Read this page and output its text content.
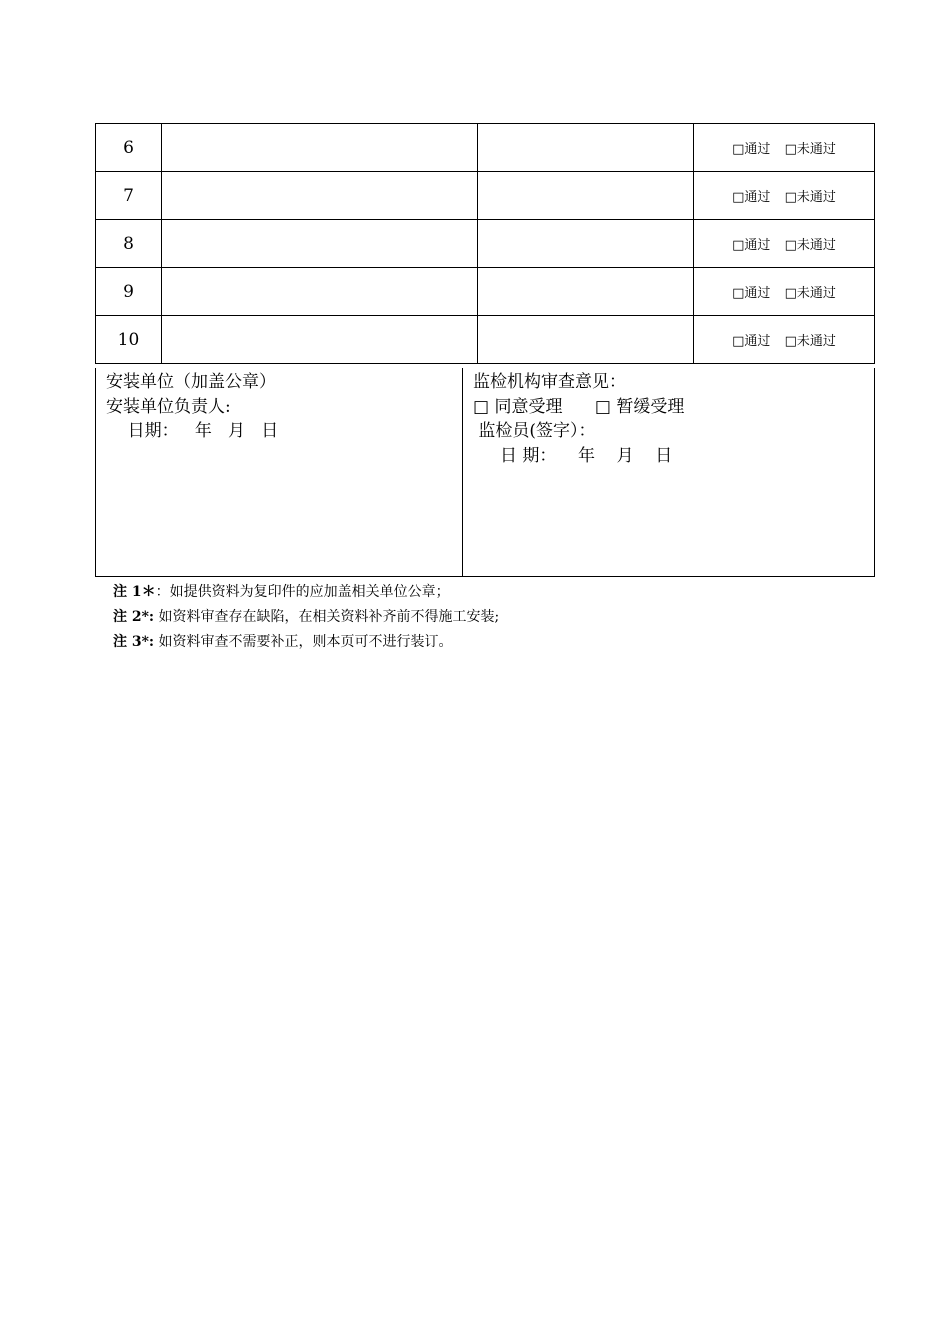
6			□通过 □未通过
7			□通过 □未通过
8			□通过 □未通过
9			□通过 □未通过
10			□通过 □未通过
安装单位（加盖公章）
安装单位负责人:
日期：   年   月   日
监检机构审查意见：
□ 同意受理 □ 暂缓受理
监检员(签字）：
日 期：    年    月    日
注 1＊：如提供资料为复印件的应加盖相关单位公章；
注 2*: 如资料审查存在缺陷，在相关资料补齐前不得施工安装;
注 3*: 如资料审查不需要补正，则本页可不进行装订。
